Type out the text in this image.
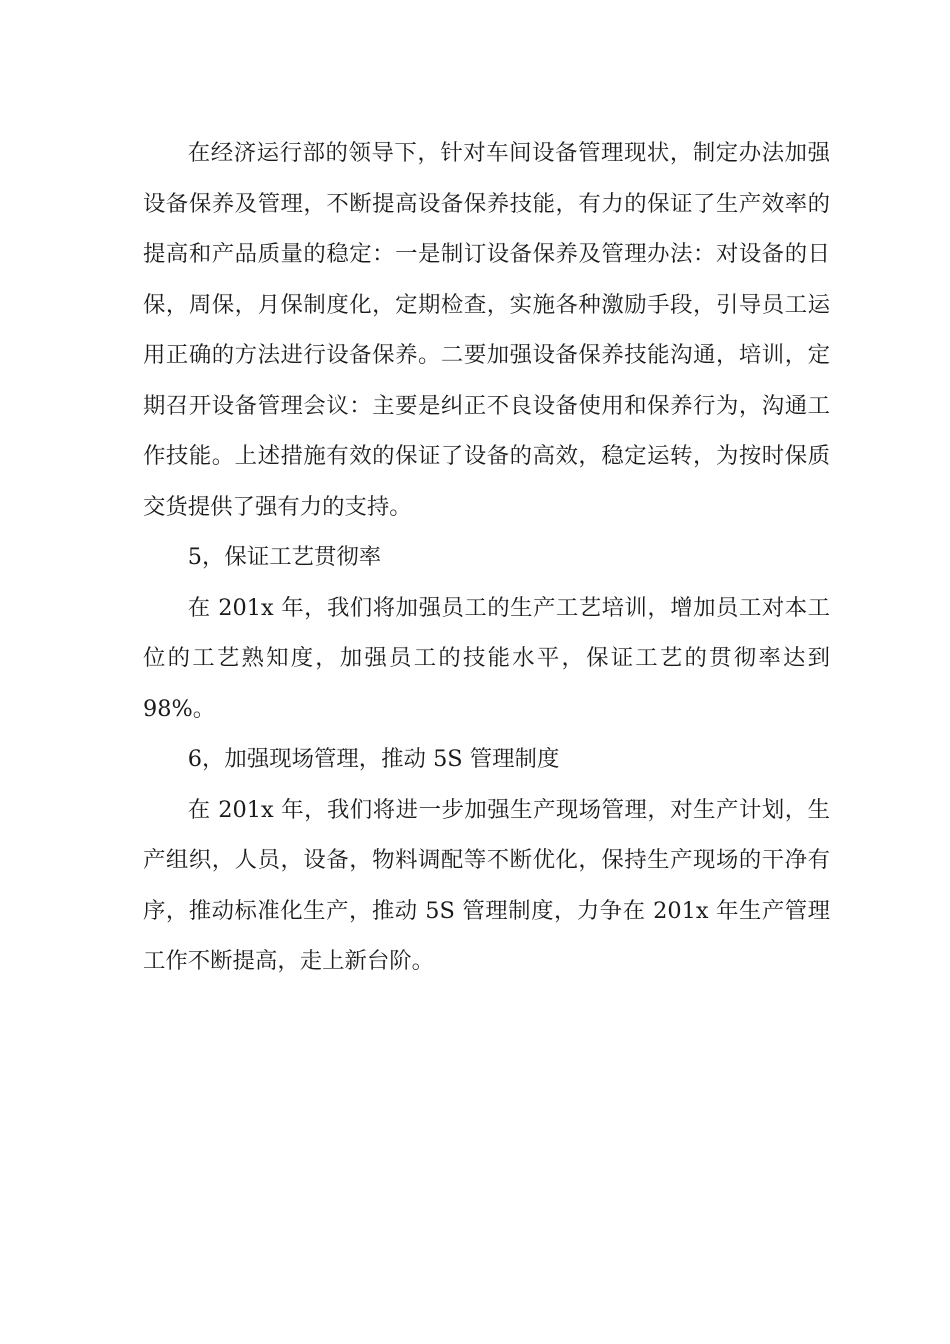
在经济运行部的领导下，针对车间设备管理现状，制定办法加强设备保养及管理，不断提高设备保养技能，有力的保证了生产效率的提高和产品质量的稳定：一是制订设备保养及管理办法：对设备的日保，周保，月保制度化，定期检查，实施各种激励手段，引导员工运用正确的方法进行设备保养。二要加强设备保养技能沟通，培训，定期召开设备管理会议：主要是纠正不良设备使用和保养行为，沟通工作技能。上述措施有效的保证了设备的高效，稳定运转，为按时保质交货提供了强有力的支持。

5，保证工艺贯彻率

在 201x 年，我们将加强员工的生产工艺培训，增加员工对本工位的工艺熟知度，加强员工的技能水平，保证工艺的贯彻率达到 98%。

6，加强现场管理，推动 5S 管理制度

在 201x 年，我们将进一步加强生产现场管理，对生产计划，生产组织，人员，设备，物料调配等不断优化，保持生产现场的干净有序，推动标准化生产，推动 5S 管理制度，力争在 201x 年生产管理工作不断提高，走上新台阶。
